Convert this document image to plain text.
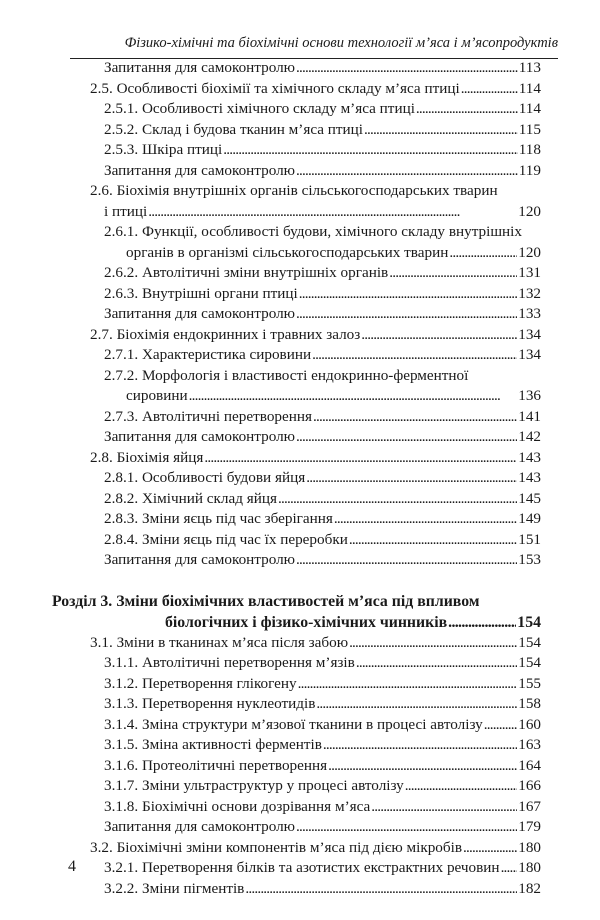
Фізико-хімічні та біохімічні основи технології м’яса і м’ясопродуктів
Запитання для самоконтролю . . .	113
2.5. Особливості біохімії та хімічного складу м’яса птиці . . .	114
2.5.1. Особливості хімічного складу м’яса птиці . . .	114
2.5.2. Склад і будова тканин м’яса птиці . . .	115
2.5.3. Шкіра птиці . . .	118
Запитання для самоконтролю . . .	119
2.6. Біохімія внутрішніх органів сільськогосподарських тварин
і птиці . . .	120
2.6.1. Функції, особливості будови, хімічного складу внутрішніх
органів в організмі сільськогосподарських тварин . . .	120
2.6.2. Автолітичні зміни внутрішніх органів . . .	131
2.6.3. Внутрішні органи птиці . . .	132
Запитання для самоконтролю . . .	133
2.7. Біохімія ендокринних і травних залоз . . .	134
2.7.1. Характеристика сировини . . .	134
2.7.2. Морфологія і властивості ендокринно-ферментної
сировини . . .	136
2.7.3. Автолітичні перетворення . . .	141
Запитання для самоконтролю . . .	142
2.8. Біохімія яйця . . .	143
2.8.1. Особливості будови яйця . . .	143
2.8.2. Хімічний склад яйця . . .	145
2.8.3. Зміни яєць під час зберігання . . .	149
2.8.4. Зміни яєць під час їх переробки . . .	151
Запитання для самоконтролю . . .	153
Розділ 3. Зміни біохімічних властивостей м’яса під впливом
біологічних і фізико-хімічних чинників . . .	154
3.1. Зміни в тканинах м’яса після забою . . .	154
3.1.1. Автолітичні перетворення м’язів . . .	154
3.1.2. Перетворення глікогену . . .	155
3.1.3. Перетворення нуклеотидів . . .	158
3.1.4. Зміна структури м’язової тканини в процесі автолізу . . . 160
3.1.5. Зміна активності ферментів . . .	163
3.1.6. Протеолітичні перетворення . . .	164
3.1.7. Зміни ультраструктур у процесі автолізу . . .	166
3.1.8. Біохімічні основи дозрівання м’яса . . .	167
Запитання для самоконтролю . . .	179
3.2. Біохімічні зміни компонентів м’яса під дією мікробів . . .	180
3.2.1. Перетворення білків та азотистих екстрактних речовин . . . 180
3.2.2. Зміни пігментів . . .	182
4
